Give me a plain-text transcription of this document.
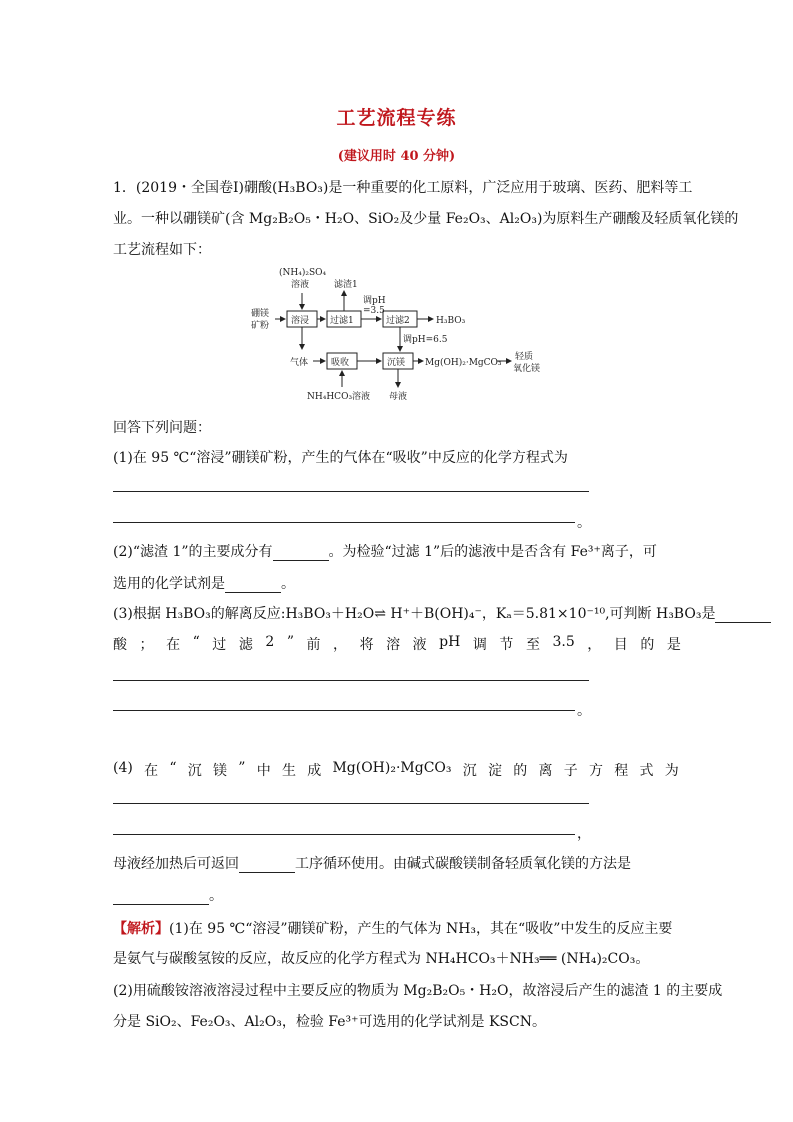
工艺流程专练
(建议用时 40 分钟)
1．(2019・全国卷Ⅰ)硼酸(H₃BO₃)是一种重要的化工原料，广泛应用于玻璃、医药、肥料等工
业。一种以硼镁矿(含 Mg₂B₂O₅・H₂O、SiO₂及少量 Fe₂O₃、Al₂O₃)为原料生产硼酸及轻质氧化镁的
工艺流程如下：
(NH₄)₂SO₄
溶液	滤渣1
硼镁
矿粉 溶浸 过滤1	过滤2
调pH
=3.5
H₃BO₃
调pH=6.5
气体	吸收	沉镁 Mg(OH)₂·MgCO₃
轻质
氧化镁
NH₄HCO₃溶液 母液
回答下列问题：
(1)在 95 ℃“溶浸”硼镁矿粉，产生的气体在“吸收”中反应的化学方程式为
。
(2)“滤渣 1”的主要成分有	。为检验“过滤 1”后的滤液中是否含有 Fe³⁺离子，可
选用的化学试剂是	。
(3)根据 H₃BO₃的解离反应:H₃BO₃＋H₂O⇌ H⁺＋B(OH)₄⁻，Kₐ＝5.81×10⁻¹⁰,可判断 H₃BO₃是
酸 ； 在 “ 过 滤 2 ” 前 ， 将 溶 液 pH 调 节 至 3.5 ， 目 的 是
。
(4) 在 “ 沉 镁 ” 中 生 成 Mg(OH)₂·MgCO₃ 沉 淀 的 离 子 方 程 式 为
，
母液经加热后可返回	工序循环使用。由碱式碳酸镁制备轻质氧化镁的方法是
。
【解析】(1)在 95 ℃“溶浸”硼镁矿粉，产生的气体为 NH₃，其在“吸收”中发生的反应主要
是氨气与碳酸氢铵的反应，故反应的化学方程式为 NH₄HCO₃＋NH₃══ (NH₄)₂CO₃。
(2)用硫酸铵溶液溶浸过程中主要反应的物质为 Mg₂B₂O₅・H₂O，故溶浸后产生的滤渣 1 的主要成
分是 SiO₂、Fe₂O₃、Al₂O₃，检验 Fe³⁺可选用的化学试剂是 KSCN。
